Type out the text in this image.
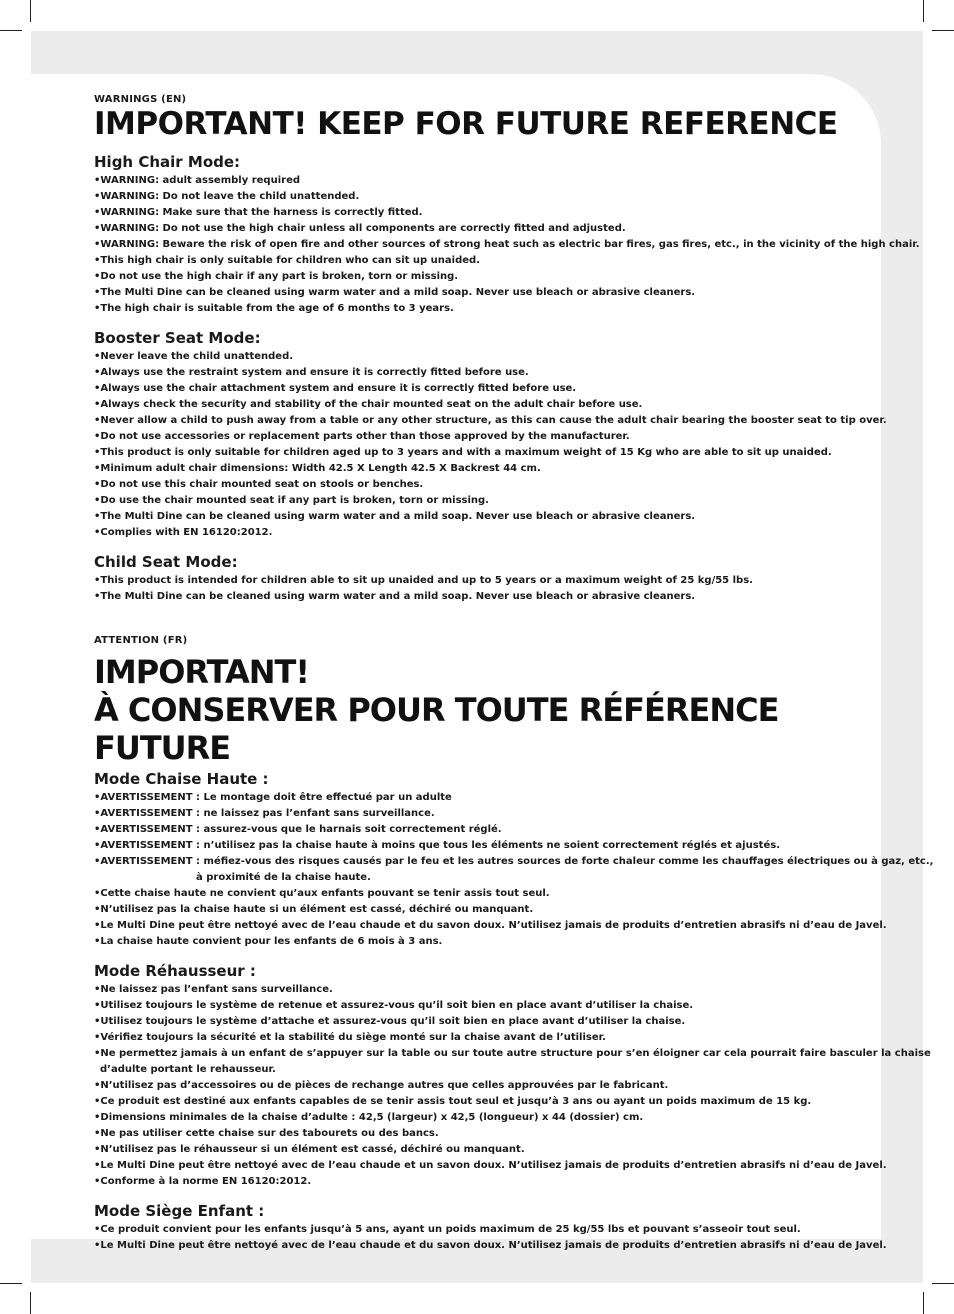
WARNINGS (EN)

IMPORTANT! KEEP FOR FUTURE REFERENCE
High Chair Mode:
•WARNING: adult assembly required
•WARNING: Do not leave the child unattended.
•WARNING: Make sure that the harness is correctly fitted.
•WARNING: Do not use the high chair unless all components are correctly fitted and adjusted.
•WARNING: Beware the risk of open fire and other sources of strong heat such as electric bar fires, gas fires, etc., in the vicinity of the high chair.
•This high chair is only suitable for children who can sit up unaided.
•Do not use the high chair if any part is broken, torn or missing.
•The Multi Dine can be cleaned using warm water and a mild soap. Never use bleach or abrasive cleaners.
•The high chair is suitable from the age of 6 months to 3 years.
Booster Seat Mode:
•Never leave the child unattended.
•Always use the restraint system and ensure it is correctly fitted before use.
•Always use the chair attachment system and ensure it is correctly fitted before use.
•Always check the security and stability of the chair mounted seat on the adult chair before use.
•Never allow a child to push away from a table or any other structure, as this can cause the adult chair bearing the booster seat to tip over.
•Do not use accessories or replacement parts other than those approved by the manufacturer.
•This product is only suitable for children aged up to 3 years and with a maximum weight of 15 Kg who are able to sit up unaided.
•Minimum adult chair dimensions: Width 42.5 X Length 42.5 X Backrest 44 cm.
•Do not use this chair mounted seat on stools or benches.
•Do use the chair mounted seat if any part is broken, torn or missing.
•The Multi Dine can be cleaned using warm water and a mild soap. Never use bleach or abrasive cleaners.
•Complies with EN 16120:2012.
Child Seat Mode:
•This product is intended for children able to sit up unaided and up to 5 years or a maximum weight of 25 kg/55 lbs.
•The Multi Dine can be cleaned using warm water and a mild soap. Never use bleach or abrasive cleaners.

ATTENTION (FR)

IMPORTANT!
À CONSERVER POUR TOUTE RÉFÉRENCE FUTURE
Mode Chaise Haute :
•AVERTISSEMENT : Le montage doit être effectué par un adulte
•AVERTISSEMENT : ne laissez pas l’enfant sans surveillance.
•AVERTISSEMENT : assurez-vous que le harnais soit correctement réglé.
•AVERTISSEMENT : n’utilisez pas la chaise haute à moins que tous les éléments ne soient correctement réglés et ajustés.
•AVERTISSEMENT : méfiez-vous des risques causés par le feu et les autres sources de forte chaleur comme les chauffages électriques ou à gaz, etc.,
à proximité de la chaise haute.
•Cette chaise haute ne convient qu’aux enfants pouvant se tenir assis tout seul.
•N’utilisez pas la chaise haute si un élément est cassé, déchiré ou manquant.
•Le Multi Dine peut être nettoyé avec de l’eau chaude et du savon doux. N’utilisez jamais de produits d’entretien abrasifs ni d’eau de Javel.
•La chaise haute convient pour les enfants de 6 mois à 3 ans.
Mode Réhausseur :
•Ne laissez pas l’enfant sans surveillance.
•Utilisez toujours le système de retenue et assurez-vous qu’il soit bien en place avant d’utiliser la chaise.
•Utilisez toujours le système d’attache et assurez-vous qu’il soit bien en place avant d’utiliser la chaise.
•Vérifiez toujours la sécurité et la stabilité du siège monté sur la chaise avant de l’utiliser.
•Ne permettez jamais à un enfant de s’appuyer sur la table ou sur toute autre structure pour s’en éloigner car cela pourrait faire basculer la chaise
d’adulte portant le rehausseur.
•N’utilisez pas d’accessoires ou de pièces de rechange autres que celles approuvées par le fabricant.
•Ce produit est destiné aux enfants capables de se tenir assis tout seul et jusqu’à 3 ans ou ayant un poids maximum de 15 kg.
•Dimensions minimales de la chaise d’adulte : 42,5 (largeur) x 42,5 (longueur) x 44 (dossier) cm.
•Ne pas utiliser cette chaise sur des tabourets ou des bancs.
•N’utilisez pas le réhausseur si un élément est cassé, déchiré ou manquant.
•Le Multi Dine peut être nettoyé avec de l’eau chaude et un savon doux. N’utilisez jamais de produits d’entretien abrasifs ni d’eau de Javel.
•Conforme à la norme EN 16120:2012.
Mode Siège Enfant :
•Ce produit convient pour les enfants jusqu’à 5 ans, ayant un poids maximum de 25 kg/55 lbs et pouvant s’asseoir tout seul.
•Le Multi Dine peut être nettoyé avec de l’eau chaude et du savon doux. N’utilisez jamais de produits d’entretien abrasifs ni d’eau de Javel.
